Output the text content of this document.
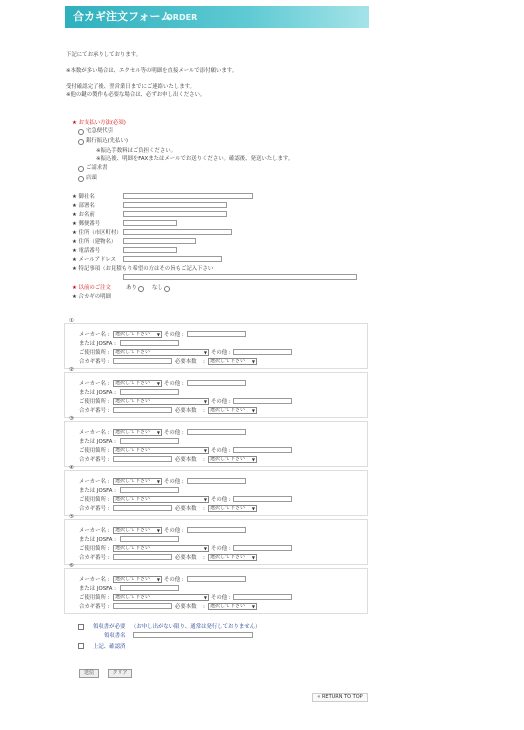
合カギ注文フォーム
ORDER
下記にてお承りしております。
※本数が多い場合は、エクセル等の明細を直接メールで添付願います。
受付確認完了後、翌営業日までにご連絡いたします。
※他の鍵の製作も必要な場合は、必ずお申し出ください。
★ お支払い方法(必須)
宅急便代引
銀行振込(先払い)
※振込手数料はご負担ください。
※振込後、明細をFAXまたはメールでお送りください。確認後、発送いたします。
ご請求書
店頭
★ 御社名
★ 部署名
★ お名前
★ 郵便番号
★ 住所（市区町村）
★ 住所（建物名）
★ 電話番号
★ メールアドレス
★ 特記事項（お見積もり希望の方はその旨もご記入下さい
★ 以前のご注文	あり	なし
★ 合カギの明細
①
メーカー名 :	選択して下さい ▼ その他 :
または JOSFA :
ご使用箇所 :	選択して下さい	▼ その他 :
合カギ番号 :	必要本数 :	選択して下さい ▼
②
メーカー名 :	選択して下さい ▼ その他 :
または JOSFA :
ご使用箇所 :	選択して下さい	▼ その他 :
合カギ番号 :	必要本数 :	選択して下さい ▼
③
メーカー名 :	選択して下さい ▼ その他 :
または JOSFA :
ご使用箇所 :	選択して下さい	▼ その他 :
合カギ番号 :	必要本数 :	選択して下さい ▼
④
メーカー名 :	選択して下さい ▼ その他 :
または JOSFA :
ご使用箇所 :	選択して下さい	▼ その他 :
合カギ番号 :	必要本数 :	選択して下さい ▼
⑤
メーカー名 :	選択して下さい ▼ その他 :
または JOSFA :
ご使用箇所 :	選択して下さい	▼ その他 :
合カギ番号 :	必要本数 :	選択して下さい ▼
⑥
メーカー名 :	選択して下さい ▼ その他 :
または JOSFA :
ご使用箇所 :	選択して下さい	▼ その他 :
合カギ番号 :	必要本数 :	選択して下さい ▼
領収書が必要 （お申し出がない限り、通常は発行しておりません）
領収書名
上記、確認済
送信	クリア
« RETURN TO TOP
